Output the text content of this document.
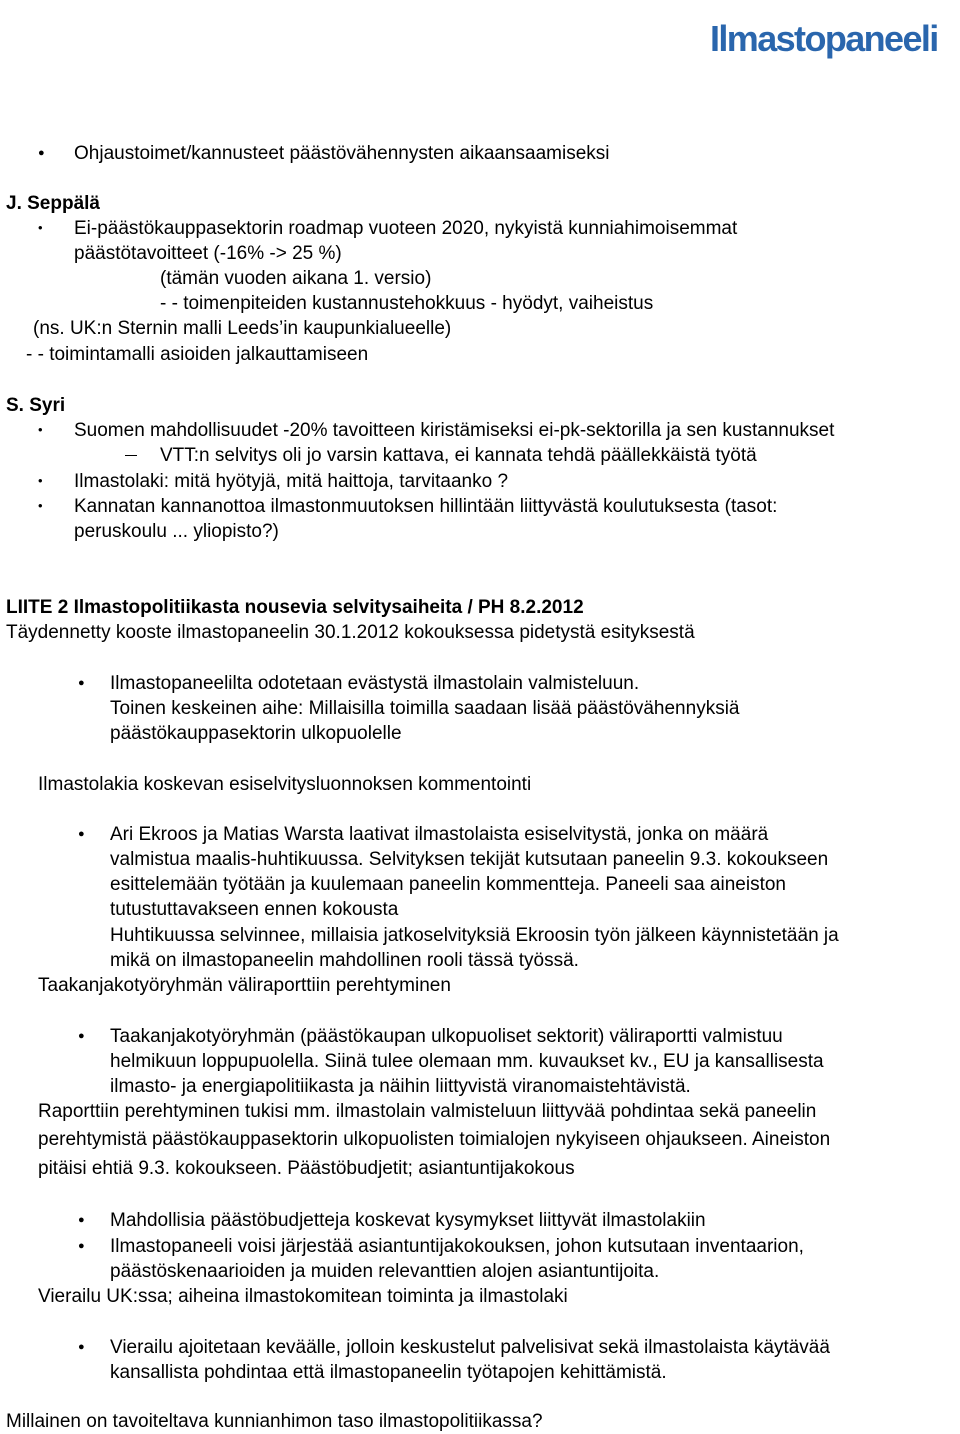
Ilmastopaneeli
●
Ohjaustoimet/kannusteet päästövähennysten aikaansaamiseksi
J. Seppälä
•
Ei-päästökauppasektorin roadmap vuoteen 2020, nykyistä kunniahimoisemmat
päästötavoitteet (-16% -> 25 %)
(tämän vuoden aikana 1. versio)
- - toimenpiteiden kustannustehokkuus - hyödyt, vaiheistus
(ns. UK:n Sternin malli Leeds’in kaupunkialueelle)
- - toimintamalli asioiden jalkauttamiseen
S. Syri
•
Suomen mahdollisuudet -20% tavoitteen kiristämiseksi ei-pk-sektorilla ja sen kustannukset
VTT:n selvitys oli jo varsin kattava, ei kannata tehdä päällekkäistä työtä
•
Ilmastolaki: mitä hyötyjä, mitä haittoja, tarvitaanko ?
•
Kannatan kannanottoa ilmastonmuutoksen hillintään liittyvästä koulutuksesta (tasot:
peruskoulu ... yliopisto?)
LIITE 2 Ilmastopolitiikasta nousevia selvitysaiheita / PH 8.2.2012
Täydennetty kooste ilmastopaneelin 30.1.2012 kokouksessa pidetystä esityksestä
●
Ilmastopaneelilta odotetaan evästystä ilmastolain valmisteluun.
Toinen keskeinen aihe: Millaisilla toimilla saadaan lisää päästövähennyksiä
päästökauppasektorin ulkopuolelle
Ilmastolakia koskevan esiselvitysluonnoksen kommentointi
●
Ari Ekroos ja Matias Warsta laativat ilmastolaista esiselvitystä, jonka on määrä
valmistua maalis-huhtikuussa. Selvityksen tekijät kutsutaan paneelin 9.3. kokoukseen
esittelemään työtään ja kuulemaan paneelin kommentteja. Paneeli saa aineiston
tutustuttavakseen ennen kokousta
Huhtikuussa selvinnee, millaisia jatkoselvityksiä Ekroosin työn jälkeen käynnistetään ja
mikä on ilmastopaneelin mahdollinen rooli tässä työssä.
Taakanjakotyöryhmän väliraporttiin perehtyminen
●
Taakanjakotyöryhmän (päästökaupan ulkopuoliset sektorit) väliraportti valmistuu
helmikuun loppupuolella. Siinä tulee olemaan mm. kuvaukset kv., EU ja kansallisesta
ilmasto- ja energiapolitiikasta ja näihin liittyvistä viranomaistehtävistä.
Raporttiin perehtyminen tukisi mm. ilmastolain valmisteluun liittyvää pohdintaa sekä paneelin
perehtymistä päästökauppasektorin ulkopuolisten toimialojen nykyiseen ohjaukseen. Aineiston
pitäisi ehtiä 9.3. kokoukseen. Päästöbudjetit; asiantuntijakokous
●
Mahdollisia päästöbudjetteja koskevat kysymykset liittyvät ilmastolakiin
●
Ilmastopaneeli voisi järjestää asiantuntijakokouksen, johon kutsutaan inventaarion,
päästöskenaarioiden ja muiden relevanttien alojen asiantuntijoita.
Vierailu UK:ssa; aiheina ilmastokomitean toiminta ja ilmastolaki
●
Vierailu ajoitetaan keväälle, jolloin keskustelut palvelisivat sekä ilmastolaista käytävää
kansallista pohdintaa että ilmastopaneelin työtapojen kehittämistä.
Millainen on tavoiteltava kunnianhimon taso ilmastopolitiikassa?
